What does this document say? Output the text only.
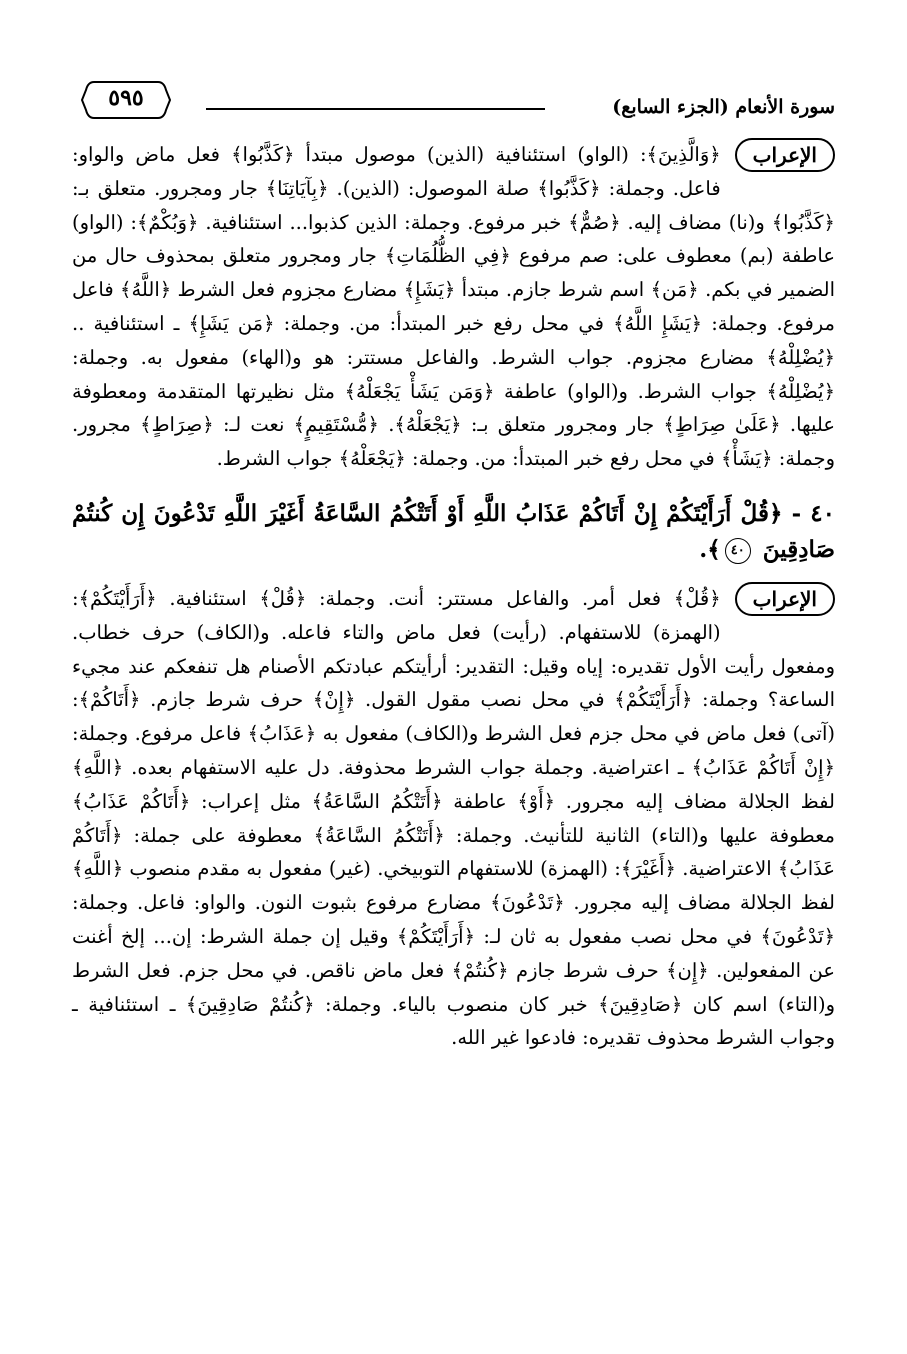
٥٩٥	سورة الأنعام (الجزء السابع)

الإعراب
﴿وَالَّذِينَ﴾: (الواو) استئنافية (الذين) موصول مبتدأ ﴿كَذَّبُوا﴾ فعل ماض والواو: فاعل. وجملة: ﴿كَذَّبُوا﴾ صلة الموصول: (الذين). ﴿بِآيَاتِنَا﴾ جار ومجرور. متعلق بـ: ﴿كَذَّبُوا﴾ و(نا) مضاف إليه. ﴿صُمٌّ﴾ خبر مرفوع. وجملة: الذين كذبوا... استئنافية. ﴿وَبُكْمٌ﴾: (الواو) عاطفة (بم) معطوف على: صم مرفوع ﴿فِي الظُّلُمَاتِ﴾ جار ومجرور متعلق بمحذوف حال من الضمير في بكم. ﴿مَن﴾ اسم شرط جازم. مبتدأ ﴿يَشَإِ﴾ مضارع مجزوم فعل الشرط ﴿اللَّهُ﴾ فاعل مرفوع. وجملة: ﴿يَشَإِ اللَّهُ﴾ في محل رفع خبر المبتدأ: من. وجملة: ﴿مَن يَشَإِ﴾ ـ استئنافية .. ﴿يُضْلِلْهُ﴾ مضارع مجزوم. جواب الشرط. والفاعل مستتر: هو و(الهاء) مفعول به. وجملة: ﴿يُضْلِلْهُ﴾ جواب الشرط. و(الواو) عاطفة ﴿وَمَن يَشَأْ يَجْعَلْهُ﴾ مثل نظيرتها المتقدمة ومعطوفة عليها. ﴿عَلَىٰ صِرَاطٍ﴾ جار ومجرور متعلق بـ: ﴿يَجْعَلْهُ﴾. ﴿مُّسْتَقِيمٍ﴾ نعت لـ: ﴿صِرَاطٍ﴾ مجرور. وجملة: ﴿يَشَأْ﴾ في محل رفع خبر المبتدأ: من. وجملة: ﴿يَجْعَلْهُ﴾ جواب الشرط.

٤٠ - ﴿قُلْ أَرَأَيْتَكُمْ إِنْ أَتَاكُمْ عَذَابُ اللَّهِ أَوْ أَتَتْكُمُ السَّاعَةُ أَغَيْرَ اللَّهِ تَدْعُونَ إِن كُنتُمْ صَادِقِينَ ٤٠﴾.

الإعراب
﴿قُلْ﴾ فعل أمر. والفاعل مستتر: أنت. وجملة: ﴿قُلْ﴾ استئنافية. ﴿أَرَأَيْتَكُمْ﴾: (الهمزة) للاستفهام. (رأيت) فعل ماض والتاء فاعله. و(الكاف) حرف خطاب. ومفعول رأيت الأول تقديره: إياه وقيل: التقدير: أرأيتكم عبادتكم الأصنام هل تنفعكم عند مجيء الساعة؟ وجملة: ﴿أَرَأَيْتَكُمْ﴾ في محل نصب مقول القول. ﴿إِنْ﴾ حرف شرط جازم. ﴿أَتَاكُمْ﴾: (آتى) فعل ماض في محل جزم فعل الشرط و(الكاف) مفعول به ﴿عَذَابُ﴾ فاعل مرفوع. وجملة: ﴿إِنْ أَتَاكُمْ عَذَابُ﴾ ـ اعتراضية. وجملة جواب الشرط محذوفة. دل عليه الاستفهام بعده. ﴿اللَّهِ﴾ لفظ الجلالة مضاف إليه مجرور. ﴿أَوْ﴾ عاطفة ﴿أَتَتْكُمُ السَّاعَةُ﴾ مثل إعراب: ﴿أَتَاكُمْ عَذَابُ﴾ معطوفة عليها و(التاء) الثانية للتأنيث. وجملة: ﴿أَتَتْكُمُ السَّاعَةُ﴾ معطوفة على جملة: ﴿أَتَاكُمْ عَذَابُ﴾ الاعتراضية. ﴿أَغَيْرَ﴾: (الهمزة) للاستفهام التوبيخي. (غير) مفعول به مقدم منصوب ﴿اللَّهِ﴾ لفظ الجلالة مضاف إليه مجرور. ﴿تَدْعُونَ﴾ مضارع مرفوع بثبوت النون. والواو: فاعل. وجملة: ﴿تَدْعُونَ﴾ في محل نصب مفعول به ثان لـ: ﴿أَرَأَيْتَكُمْ﴾ وقيل إن جملة الشرط: إن... إلخ أغنت عن المفعولين. ﴿إِن﴾ حرف شرط جازم ﴿كُنتُمْ﴾ فعل ماض ناقص. في محل جزم. فعل الشرط و(التاء) اسم كان ﴿صَادِقِينَ﴾ خبر كان منصوب بالياء. وجملة: ﴿كُنتُمْ صَادِقِينَ﴾ ـ استئنافية ـ وجواب الشرط محذوف تقديره: فادعوا غير الله.
